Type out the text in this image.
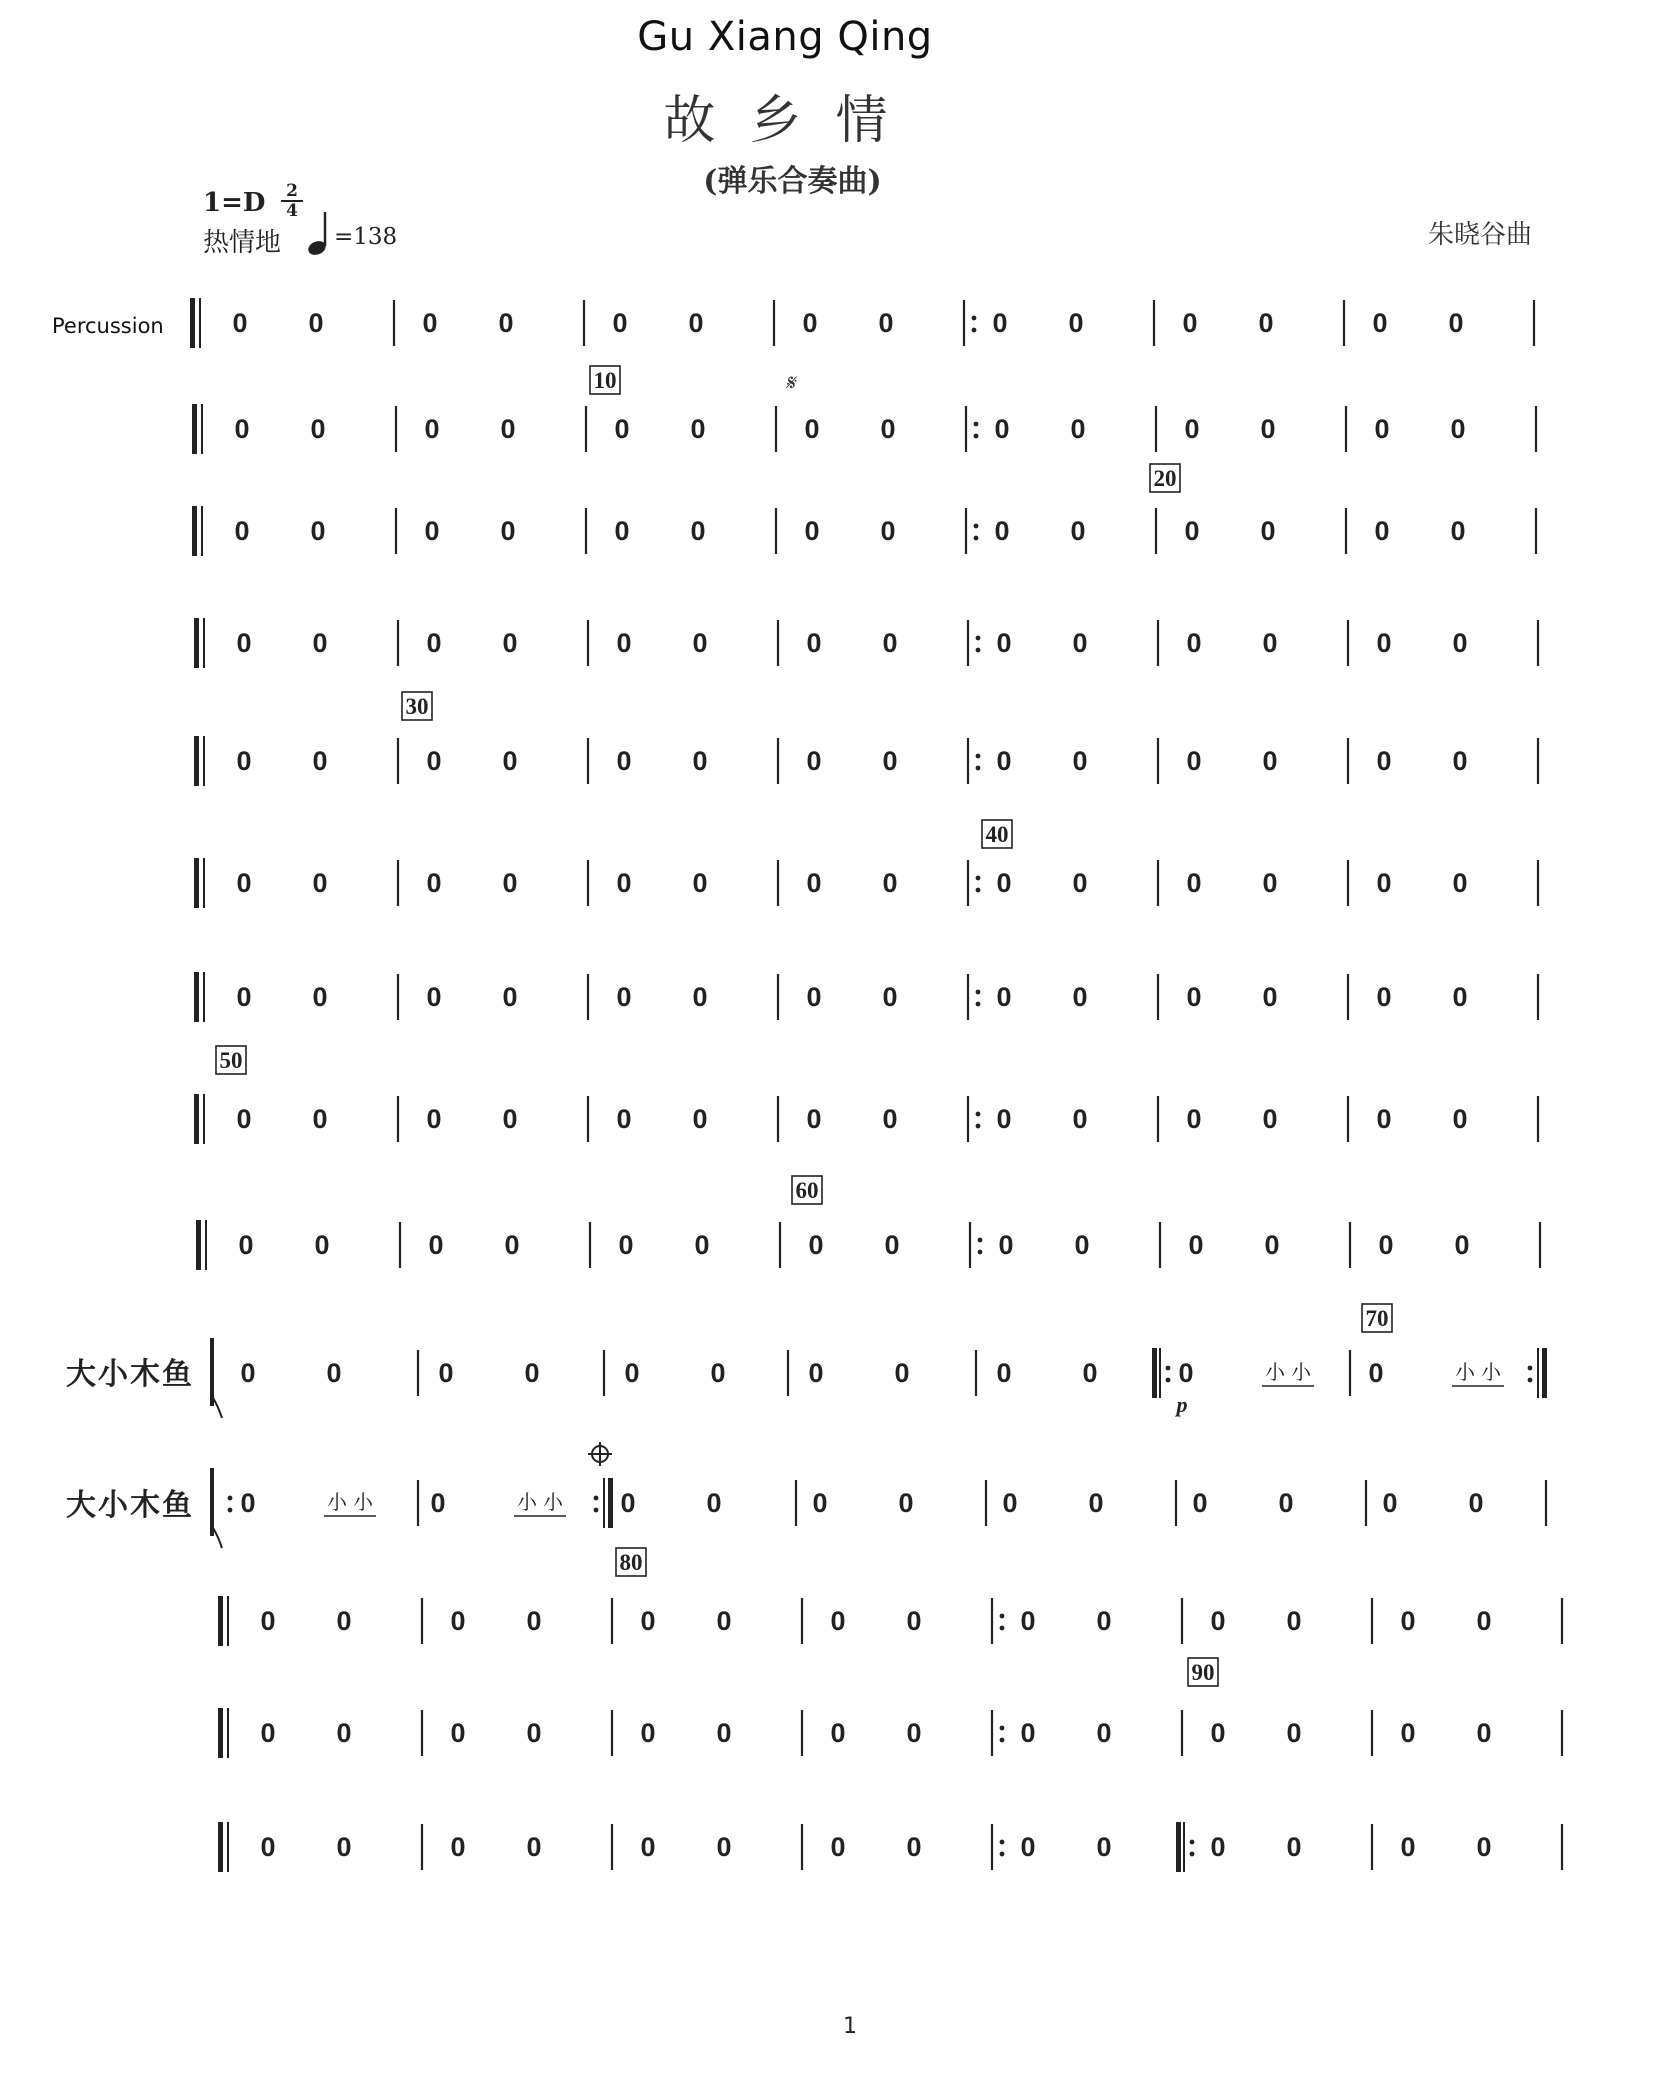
Gu Xiang Qing
故乡情
(弹乐合奏曲)
$1=D \frac{2}{4}$
热情地 =138	朱晓谷曲
Percussion
大小木鱼
大小木鱼
0 0	0 0	0 0	0 0	0 0	0 0	0 0
0 0	0 0	0 0	0 0	0 0	0 0	0 0
0 0	0 0	0 0	0 0	0 0	0 0	0 0
0 0	0 0	0 0	0 0	0 0	0 0	0 0
0 0	0 0	0 0	0 0	0 0	0 0	0 0
0 0	0 0	0 0	0 0	0 0	0 0	0 0
0 0	0 0	0 0	0 0	0 0	0 0	0 0
0 0	0 0	0 0	0 0	0 0	0 0	0 0
0 0	0 0	0 0	0 0	0 0	0 0	0 0
0 0	0 0	0 0	0 0	0 0	0 0	0 0
0 0	0 0	0 0	0 0	0 0	0 0	0 0
0 0	0 0	0 0	0 0	0 0	0 0	0 0
0	0	0	0	0	0	0	0	0	0	0	小 小
p
0	小 小
0	小 小 0	小 小 0	0	0	0	0	0	0	0	0	0
10
20
30
40
50
60
70
80
90
𝄋
1
